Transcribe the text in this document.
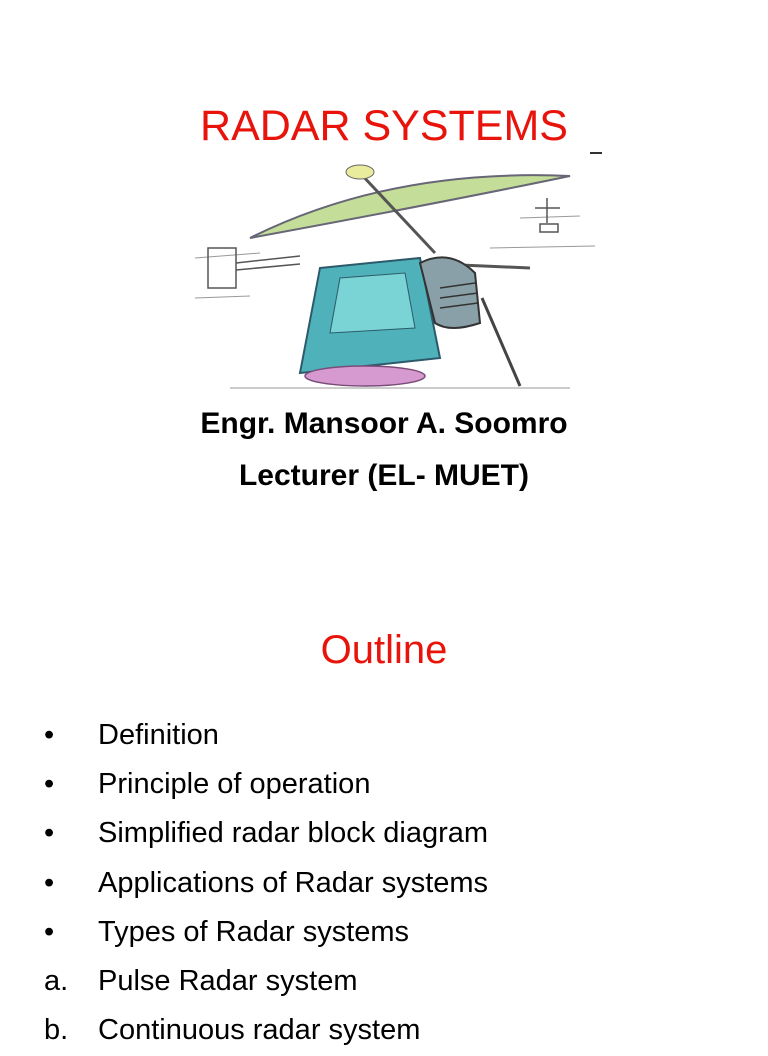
RADAR SYSTEMS
Engr. Mansoor A. Soomro
Lecturer (EL- MUET)
Outline
•	Definition
•	Principle of operation
•	Simplified radar block diagram
•	Applications of Radar systems
•	Types of Radar systems
a.	Pulse Radar system
b.	Continuous radar system
